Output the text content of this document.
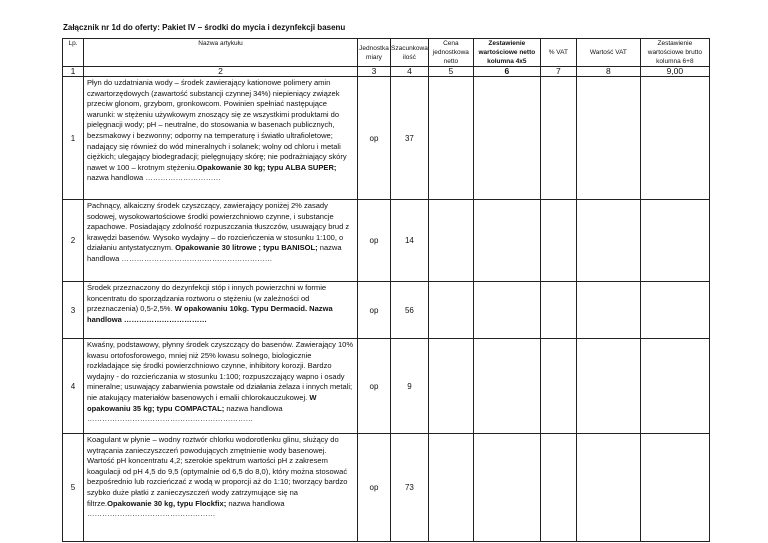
Załącznik nr 1d do oferty: Pakiet IV – środki do mycia i dezynfekcji basenu
Lp.	Nazwa artykułu	Jednostka miary	Szacunkowa ilość	Cena jednostkowa netto	Zestawienie
wartościowe netto
kolumna 4x5	% VAT	Wartość VAT	Zestawienie wartościowe brutto kolumna 6+8
1	2	3	4	5	6	7	8	9,00
1	Płyn do uzdatniania wody – środek zawierający kationowe polimery amin czwartorzędowych (zawartość substancji czynnej 34%) niepieniący związek przeciw glonom, grzybom, gronkowcom. Powinien spełniać następujące warunki: w stężeniu używkowym znoszący się ze wszystkimi produktami do pielęgnacji wody; pH – neutralne, do stosowania w basenach publicznych, bezsmakowy i bezwonny; odporny na temperaturę i światło ultrafioletowe; nadający się również do wód mineralnych i solanek; wolny od chloru i metali ciężkich; ulegający biodegradacji; pielęgnujący skórę; nie podrażniający skóry nawet w 100 – krotnym stężeniu.Opakowanie 30 kg; typu ALBA SUPER; nazwa handlowa …………………………	op	37					
2	Pachnący, alkaiczny środek czyszczący, zawierający poniżej 2% zasady sodowej, wysokowartościowe środki powierzchniowo czynne, i substancje zapachowe. Posiadający zdolność rozpuszczania tłuszczów, usuwający brud z krawędzi basenów. Wysoko wydajny – do rozcieńczenia w stosunku 1:100, o działaniu antystatycznym. Opakowanie 30 litrowe ; typu BANISOL; nazwa handlowa ……………………………………………………	op	14					
3	Środek przeznaczony do dezynfekcji stóp i innych powierzchni w formie koncentratu do sporządzania roztworu o stężeniu (w zależności od przeznaczenia) 0,5-2,5%. W opakowaniu 10kg. Typu Dermacid. Nazwa handlowa ……………………………	op	56					
4	Kwaśny, podstawowy, płynny środek czyszczący do basenów. Zawierający 10% kwasu ortofosforowego, mniej niż 25% kwasu solnego, biologicznie rozkładające się środki powierzchniowo czynne, inhibitory korozji. Bardzo wydajny - do rozcieńczania w stosunku 1:100; rozpuszczający wapno i osady mineralne; usuwający zabarwienia powstałe od działania żelaza i innych metali; nie atakujący materiałów basenowych i emalii chlorokauczukowej. W opakowaniu 35 kg; typu COMPACTAL; nazwa handlowa …………………………………………………………	op	9					
5	Koagulant w płynie – wodny roztwór chlorku wodorotlenku glinu, służący do wytrącania zanieczyszczeń powodujących zmętnienie wody basenowej. Wartość pH koncentratu 4,2; szerokie spektrum wartości pH z zakresem koagulacji od pH 4,5 do 9,5 (optymalnie od 6,5 do 8,0), który można stosować bezpośrednio lub rozcieńczać z wodą w proporcji aż do 1:10; tworzący bardzo szybko duże płatki z zanieczyszczeń wody zatrzymujące się na filtrze.Opakowanie 30 kg, typu Flockfix; nazwa handlowa ……………………………………………	op	73					
